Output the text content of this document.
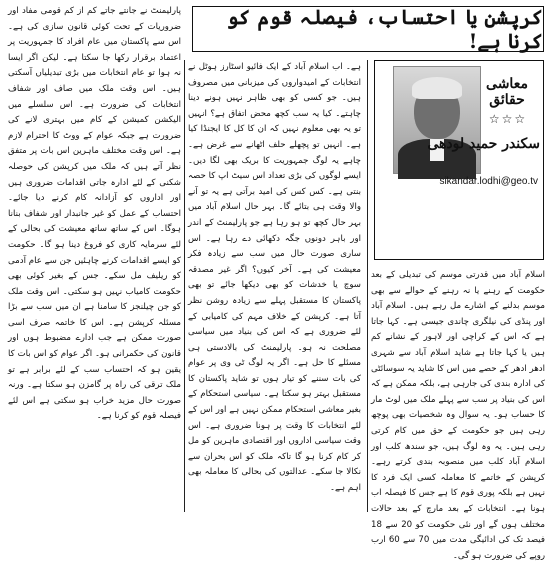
کرپشن یا احتساب، فیصلہ قوم کو کرنا ہے!
معاشی حقائق
☆☆☆
سکندر حمید لودھی
sikandar.lodhi@geo.tv

اسلام آباد میں قدرتی موسم کی تبدیلی کے بعد حکومت کے رہنے یا نہ رہنے کے حوالے سے بھی موسم بدلنے کے اشارے مل رہے ہیں۔ اسلام آباد اور پنڈی کی نیلگری چاندی جیسی ہے۔ کہا جاتا ہے کہ اس کے کراچی اور لاہور کے نشانے کم ہیں یا کہا جاتا ہے شاید اسلام آباد سے شہری ادھر ادھر کے حصے میں اس کا شاید یہ سوسائٹی کی ادارہ بندی کی جارہی ہے، بلکہ ممکن ہے کہ اس کی بنیاد پر سب سے پہلے ملک میں لوٹ مار کا حساب ہو۔ یہ سوال وہ شخصیات بھی پوچھ رہی ہیں جو حکومت کے حق میں کام کرتی رہی ہیں۔ یہ وہ لوگ ہیں، جو سندھ کلب اور اسلام آباد کلب میں منصوبہ بندی کرتے رہے۔ کرپشن کے خاتمے کا معاملہ کسی ایک فرد کا نہیں ہے بلکہ پوری قوم کا ہے جس کا فیصلہ اب ہونا ہے۔ انتخابات کے بعد مارچ کے بعد حالات مختلف ہوں گے اور نئی حکومت کو 20 سے 18 فیصد تک کی ادائیگی مدت میں 70 سے 60 ارب روپے کی ضرورت ہو گی۔

ہے۔ اب اسلام آباد کے ایک فائیو اسٹارز ہوٹل نے انتخابات کے امیدواروں کی میزبانی میں مصروف ہیں۔ جو کسی کو بھی ظاہر نہیں ہونے دینا چاہتے۔ کیا یہ سب کچھ محض اتفاق ہے؟ انہیں تو یہ بھی معلوم نہیں کہ ان کا کل کا ایجنڈا کیا ہے۔ انہیں تو پچھلے حلف اٹھانے سے غرض ہے۔ چاہے یہ لوگ جمہوریت کا بریک بھی لگا دیں۔ ایسے لوگوں کی بڑی تعداد اس سیٹ اپ کا حصہ بنتی ہے۔ کس کس کی امید برآتی ہے یہ تو آنے والا وقت ہی بتائے گا۔ بہر حال اسلام آباد میں بہر حال کچھ تو ہو رہا ہے جو پارلیمنٹ کے اندر اور باہر دونوں جگہ دکھائی دے رہا ہے۔ اس ساری صورت حال میں سب سے زیادہ فکر معیشت کی ہے۔ آخر کیوں؟ اگر غیر مصدقہ سوچ یا خدشات کو بھی دیکھا جائے تو بھی پاکستان کا مستقبل پہلے سے زیادہ روشن نظر آتا ہے۔ کرپشن کے خلاف مہم کی کامیابی کے لئے ضروری ہے کہ اس کی بنیاد میں سیاسی مصلحت نہ ہو۔ پارلیمنٹ کی بالادستی ہی مسئلے کا حل ہے۔ اگر یہ لوگ ٹی وی پر عوام کی بات سننے کو تیار ہوں تو شاید پاکستان کا مستقبل بہتر ہو سکتا ہے۔ سیاسی استحکام کے بغیر معاشی استحکام ممکن نہیں ہے اور اس کے لئے انتخابات کا وقت پر ہونا ضروری ہے۔ اس وقت سیاسی اداروں اور اقتصادی ماہرین کو مل کر کام کرنا ہو گا تاکہ ملک کو اس بحران سے نکالا جا سکے۔ عدالتوں کی بحالی کا معاملہ بھی اہم ہے۔

پارلیمنٹ نے جانتے جاتے کم از کم قومی مفاد اور ضروریات کے تحت کوئی قانون سازی کی ہے۔ اس سے پاکستان میں عام افراد کا جمہوریت پر اعتماد برقرار رکھا جا سکتا ہے۔ لیکن اگر ایسا نہ ہوا تو عام انتخابات میں بڑی تبدیلیاں آسکتی ہیں۔ اس وقت ملک میں صاف اور شفاف انتخابات کی ضرورت ہے۔ اس سلسلے میں الیکشن کمیشن کے کام میں بہتری لانے کی ضرورت ہے جبکہ عوام کے ووٹ کا احترام لازم ہے۔ اس وقت مختلف ماہرین اس بات پر متفق نظر آتے ہیں کہ ملک میں کرپشن کی حوصلہ شکنی کے لئے ادارہ جاتی اقدامات ضروری ہیں اور اداروں کو آزادانہ کام کرنے دیا جائے۔ احتساب کے عمل کو غیر جانبدار اور شفاف بنانا ہوگا۔ اس کے ساتھ ساتھ معیشت کی بحالی کے لئے سرمایہ کاری کو فروغ دینا ہو گا۔ حکومت کو ایسے اقدامات کرنے چاہئیں جن سے عام آدمی کو ریلیف مل سکے۔ جس کے بغیر کوئی بھی حکومت کامیاب نہیں ہو سکتی۔ اس وقت ملک کو جن چیلنجز کا سامنا ہے ان میں سب سے بڑا مسئلہ کرپشن ہے۔ اس کا خاتمہ صرف اسی صورت ممکن ہے جب ادارے مضبوط ہوں اور قانون کی حکمرانی ہو۔ اگر عوام کو اس بات کا یقین ہو کہ احتساب سب کے لئے برابر ہے تو ملک ترقی کی راہ پر گامزن ہو سکتا ہے۔ ورنہ صورت حال مزید خراب ہو سکتی ہے اس لئے فیصلہ قوم کو کرنا ہے۔
